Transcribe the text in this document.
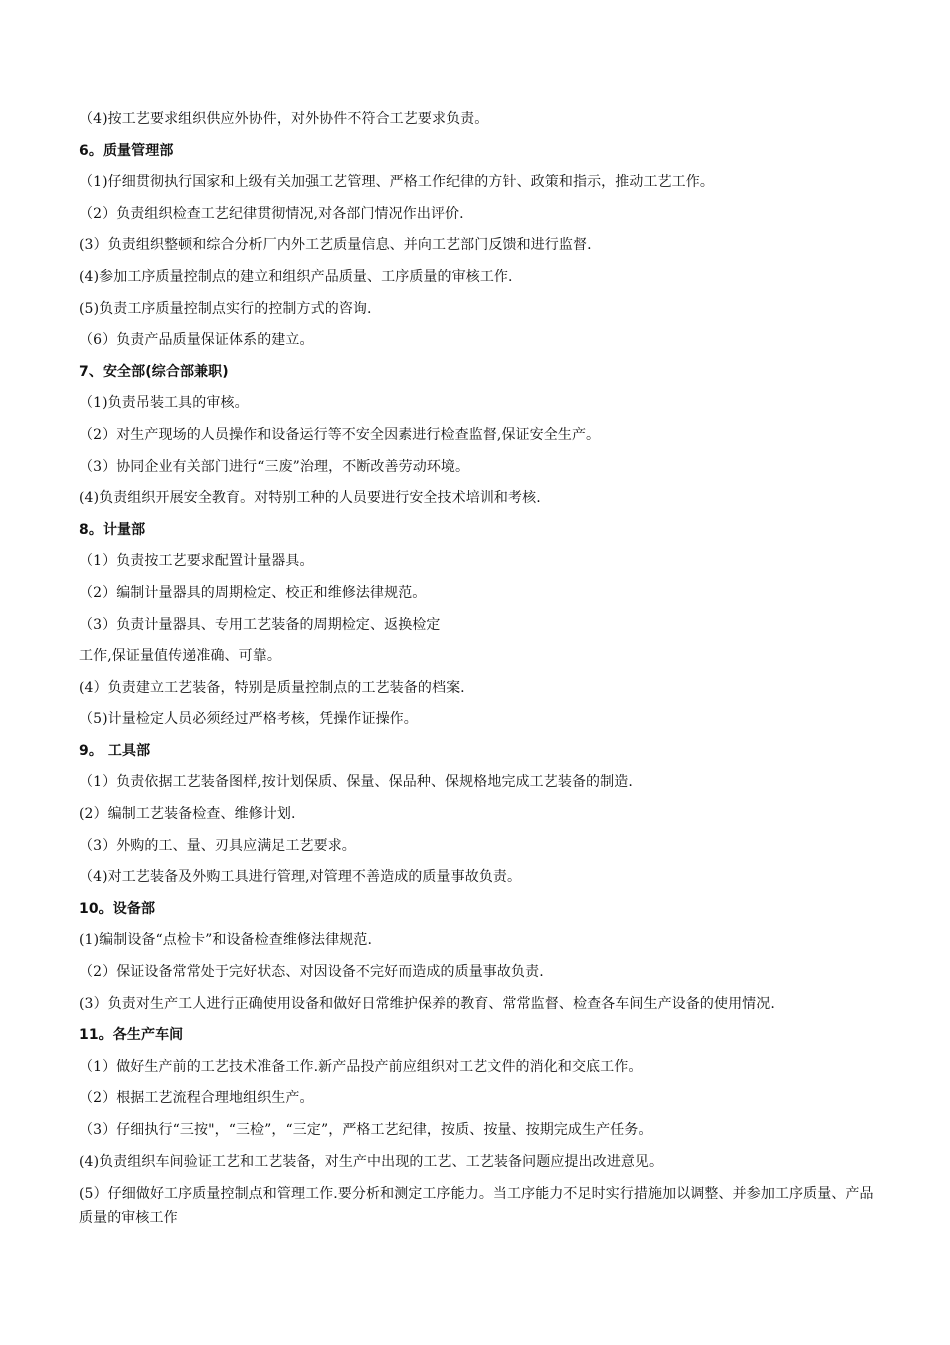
（4)按工艺要求组织供应外协件，对外协件不符合工艺要求负责。
6。质量管理部
（1)仔细贯彻执行国家和上级有关加强工艺管理、严格工作纪律的方针、政策和指示，推动工艺工作。
（2）负责组织检查工艺纪律贯彻情况,对各部门情况作出评价.
(3）负责组织整顿和综合分析厂内外工艺质量信息、并向工艺部门反馈和进行监督.
(4)参加工序质量控制点的建立和组织产品质量、工序质量的审核工作.
(5)负责工序质量控制点实行的控制方式的咨询.
（6）负责产品质量保证体系的建立。
7、安全部(综合部兼职)
（1)负责吊装工具的审核。
（2）对生产现场的人员操作和设备运行等不安全因素进行检查监督,保证安全生产。
（3）协同企业有关部门进行“三废”治理，不断改善劳动环境。
(4)负责组织开展安全教育。对特别工种的人员要进行安全技术培训和考核.
8。计量部
（1）负责按工艺要求配置计量器具。
（2）编制计量器具的周期检定、校正和维修法律规范。
（3）负责计量器具、专用工艺装备的周期检定、返换检定
工作,保证量值传递准确、可靠。
(4）负责建立工艺装备，特别是质量控制点的工艺装备的档案.
（5)计量检定人员必须经过严格考核，凭操作证操作。
9。 工具部
（1）负责依据工艺装备图样,按计划保质、保量、保品种、保规格地完成工艺装备的制造.
(2）编制工艺装备检查、维修计划.
（3）外购的工、量、刃具应满足工艺要求。
（4)对工艺装备及外购工具进行管理,对管理不善造成的质量事故负责。
10。设备部
(1)编制设备“点检卡”和设备检查维修法律规范.
（2）保证设备常常处于完好状态、对因设备不完好而造成的质量事故负责.
(3）负责对生产工人进行正确使用设备和做好日常维护保养的教育、常常监督、检查各车间生产设备的使用情况.
11。各生产车间
（1）做好生产前的工艺技术准备工作.新产品投产前应组织对工艺文件的消化和交底工作。
（2）根据工艺流程合理地组织生产。
（3）仔细执行“三按"，“三检”，“三定”，严格工艺纪律，按质、按量、按期完成生产任务。
(4)负责组织车间验证工艺和工艺装备，对生产中出现的工艺、工艺装备问题应提出改进意见。
(5）仔细做好工序质量控制点和管理工作.要分析和测定工序能力。当工序能力不足时实行措施加以调整、并参加工序质量、产品质量的审核工作
